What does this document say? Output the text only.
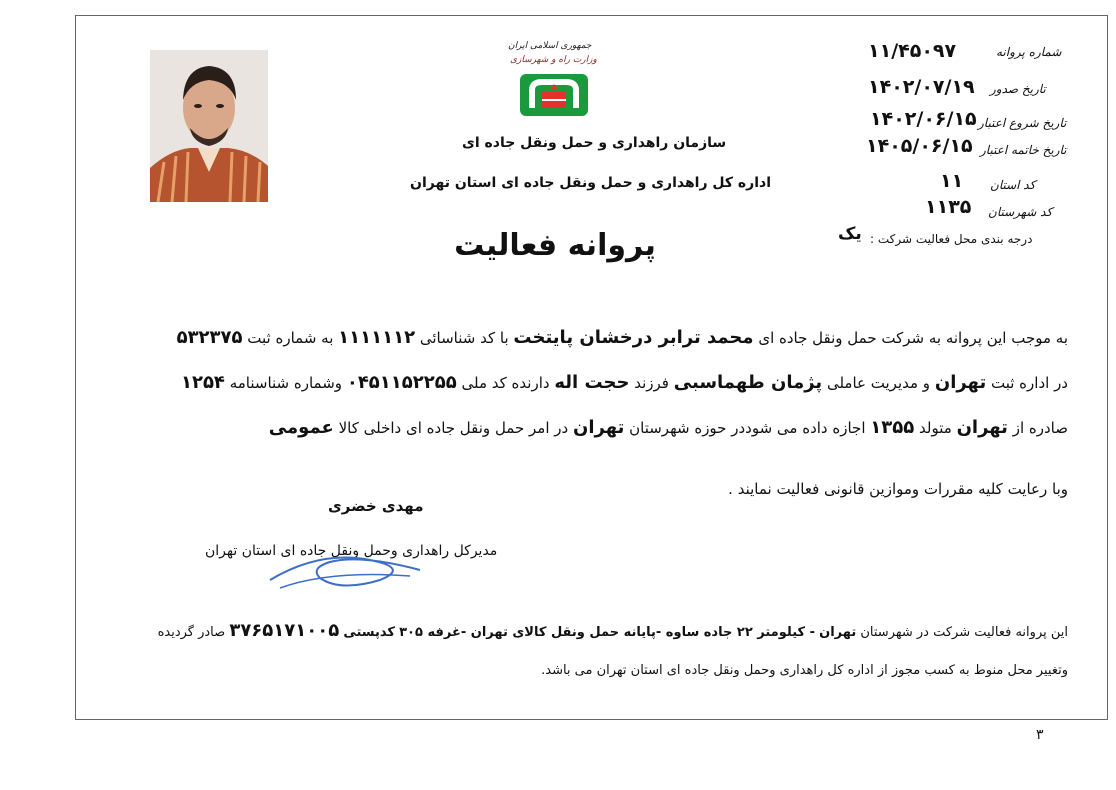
جمهوری اسلامی ایران
وزارت راه و شهرسازی
سازمان راهداری و حمل ونقل جاده ای
اداره کل راهداری و حمل ونقل جاده ای استان تهران
۱۱/۴۵۰۹۷	شماره پروانه
۱۴۰۲/۰۷/۱۹ تاریخ صدور
۱۴۰۲/۰۶/۱۵ تاریخ شروع اعتبار
۱۴۰۵/۰۶/۱۵ تاریخ خاتمه اعتبار
۱۱ کد استان
۱۱۳۵ کد شهرستان
درجه بندی محل فعالیت شرکت :
یک
پروانه فعالیت
به موجب این پروانه به شرکت حمل ونقل جاده ای محمد ترابر درخشان پایتخت با کد شناسائی ۱۱۱۱۱۱۲ به شماره ثبت ۵۳۲۳۷۵
در اداره ثبت تهران و مدیریت عاملی پژمان طهماسبی فرزند حجت اله دارنده کد ملی ۰۴۵۱۱۵۲۲۵۵ وشماره شناسنامه ۱۲۵۴
صادره از تهران متولد ۱۳۵۵ اجازه داده می شوددر حوزه شهرستان تهران در امر حمل ونقل جاده ای داخلی کالا عمومی
وبا رعایت کلیه مقررات وموازین قانونی فعالیت نمایند .
مهدی خضری
مدیرکل راهداری وحمل ونقل جاده ای استان تهران
این پروانه فعالیت شرکت در شهرستان تهران - کیلومتر ۲۲ جاده ساوه -پایانه حمل ونقل کالای تهران -غرفه ۳۰۵ کدپستی ۳۷۶۵۱۷۱۰۰۵ صادر گردیده
وتغییر محل منوط به کسب مجوز از اداره کل راهداری وحمل ونقل جاده ای استان تهران می باشد.
۳
